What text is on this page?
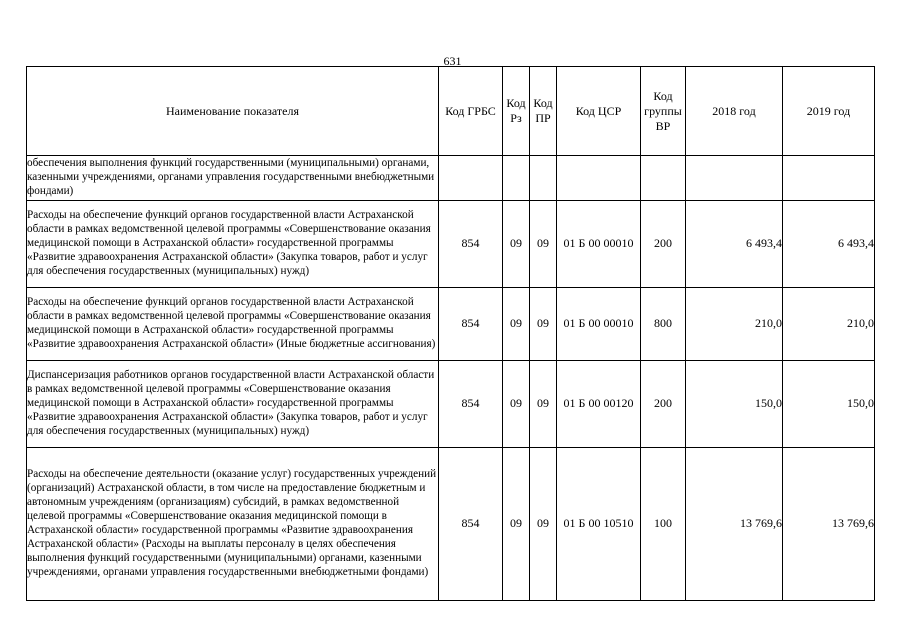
631
Наименование показателя	Код ГРБС	Код Рз	Код ПР	Код ЦСР	Код группы ВР	2018 год	2019 год
обеспечения выполнения функций государственными (муниципальными) органами, казенными учреждениями, органами управления государственными внебюджетными фондами)							
Расходы на обеспечение функций органов государственной власти Астраханской области в рамках ведомственной целевой программы «Совершенствование оказания медицинской помощи в Астраханской области» государственной программы «Развитие здравоохранения Астраханской области» (Закупка товаров, работ и услуг для обеспечения государственных (муниципальных) нужд)	854	09	09	01 Б 00 00010	200	6 493,4	6 493,4
Расходы на обеспечение функций органов государственной власти Астраханской области в рамках ведомственной целевой программы «Совершенствование оказания медицинской помощи в Астраханской области» государственной программы «Развитие здравоохранения Астраханской области» (Иные бюджетные ассигнования)	854	09	09	01 Б 00 00010	800	210,0	210,0
Диспансеризация работников органов государственной власти Астраханской области в рамках ведомственной целевой программы «Совершенствование оказания медицинской помощи в Астраханской области» государственной программы «Развитие здравоохранения Астраханской области» (Закупка товаров, работ и услуг для обеспечения государственных (муниципальных) нужд)	854	09	09	01 Б 00 00120	200	150,0	150,0
Расходы на обеспечение деятельности (оказание услуг) государственных учреждений (организаций) Астраханской области, в том числе на предоставление бюджетным и автономным учреждениям (организациям) субсидий, в рамках ведомственной целевой программы «Совершенствование оказания медицинской помощи в Астраханской области» государственной программы «Развитие здравоохранения Астраханской области» (Расходы на выплаты персоналу в целях обеспечения выполнения функций государственными (муниципальными) органами, казенными учреждениями, органами управления государственными внебюджетными фондами)	854	09	09	01 Б 00 10510	100	13 769,6	13 769,6
